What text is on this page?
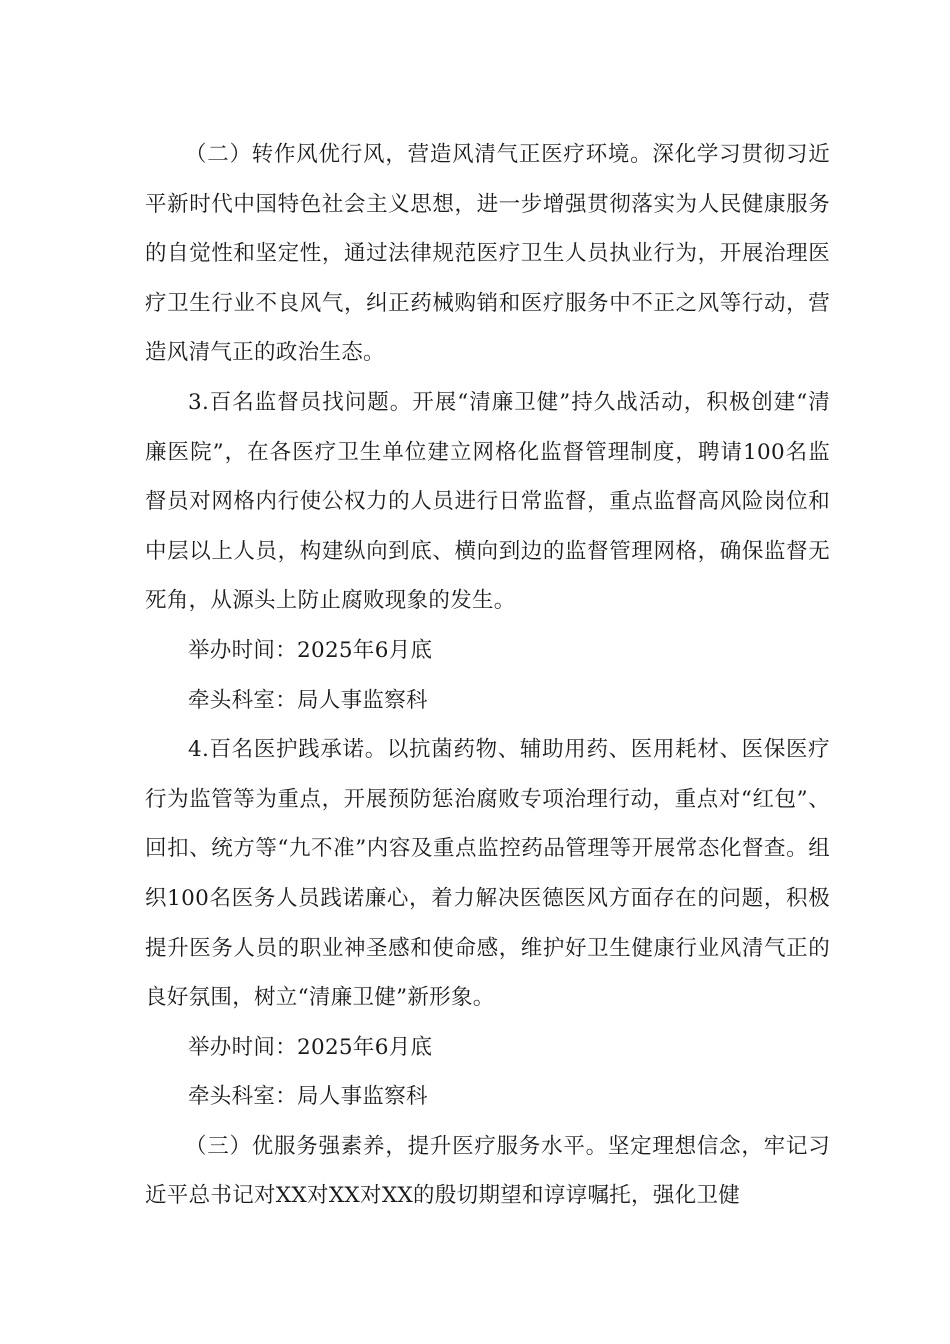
（二）转作风优行风，营造风清气正医疗环境。深化学习贯彻习近平新时代中国特色社会主义思想，进一步增强贯彻落实为人民健康服务的自觉性和坚定性，通过法律规范医疗卫生人员执业行为，开展治理医疗卫生行业不良风气，纠正药械购销和医疗服务中不正之风等行动，营造风清气正的政治生态。

3.百名监督员找问题。开展“清廉卫健”持久战活动，积极创建“清廉医院”，在各医疗卫生单位建立网格化监督管理制度，聘请100名监督员对网格内行使公权力的人员进行日常监督，重点监督高风险岗位和中层以上人员，构建纵向到底、横向到边的监督管理网格，确保监督无死角，从源头上防止腐败现象的发生。

举办时间：2025年6月底

牵头科室：局人事监察科

4.百名医护践承诺。以抗菌药物、辅助用药、医用耗材、医保医疗行为监管等为重点，开展预防惩治腐败专项治理行动，重点对“红包”、回扣、统方等“九不准”内容及重点监控药品管理等开展常态化督查。组织100名医务人员践诺廉心，着力解决医德医风方面存在的问题，积极提升医务人员的职业神圣感和使命感，维护好卫生健康行业风清气正的良好氛围，树立“清廉卫健”新形象。

举办时间：2025年6月底

牵头科室：局人事监察科

（三）优服务强素养，提升医疗服务水平。坚定理想信念，牢记习近平总书记对XX对XX对XX的殷切期望和谆谆嘱托，强化卫健
